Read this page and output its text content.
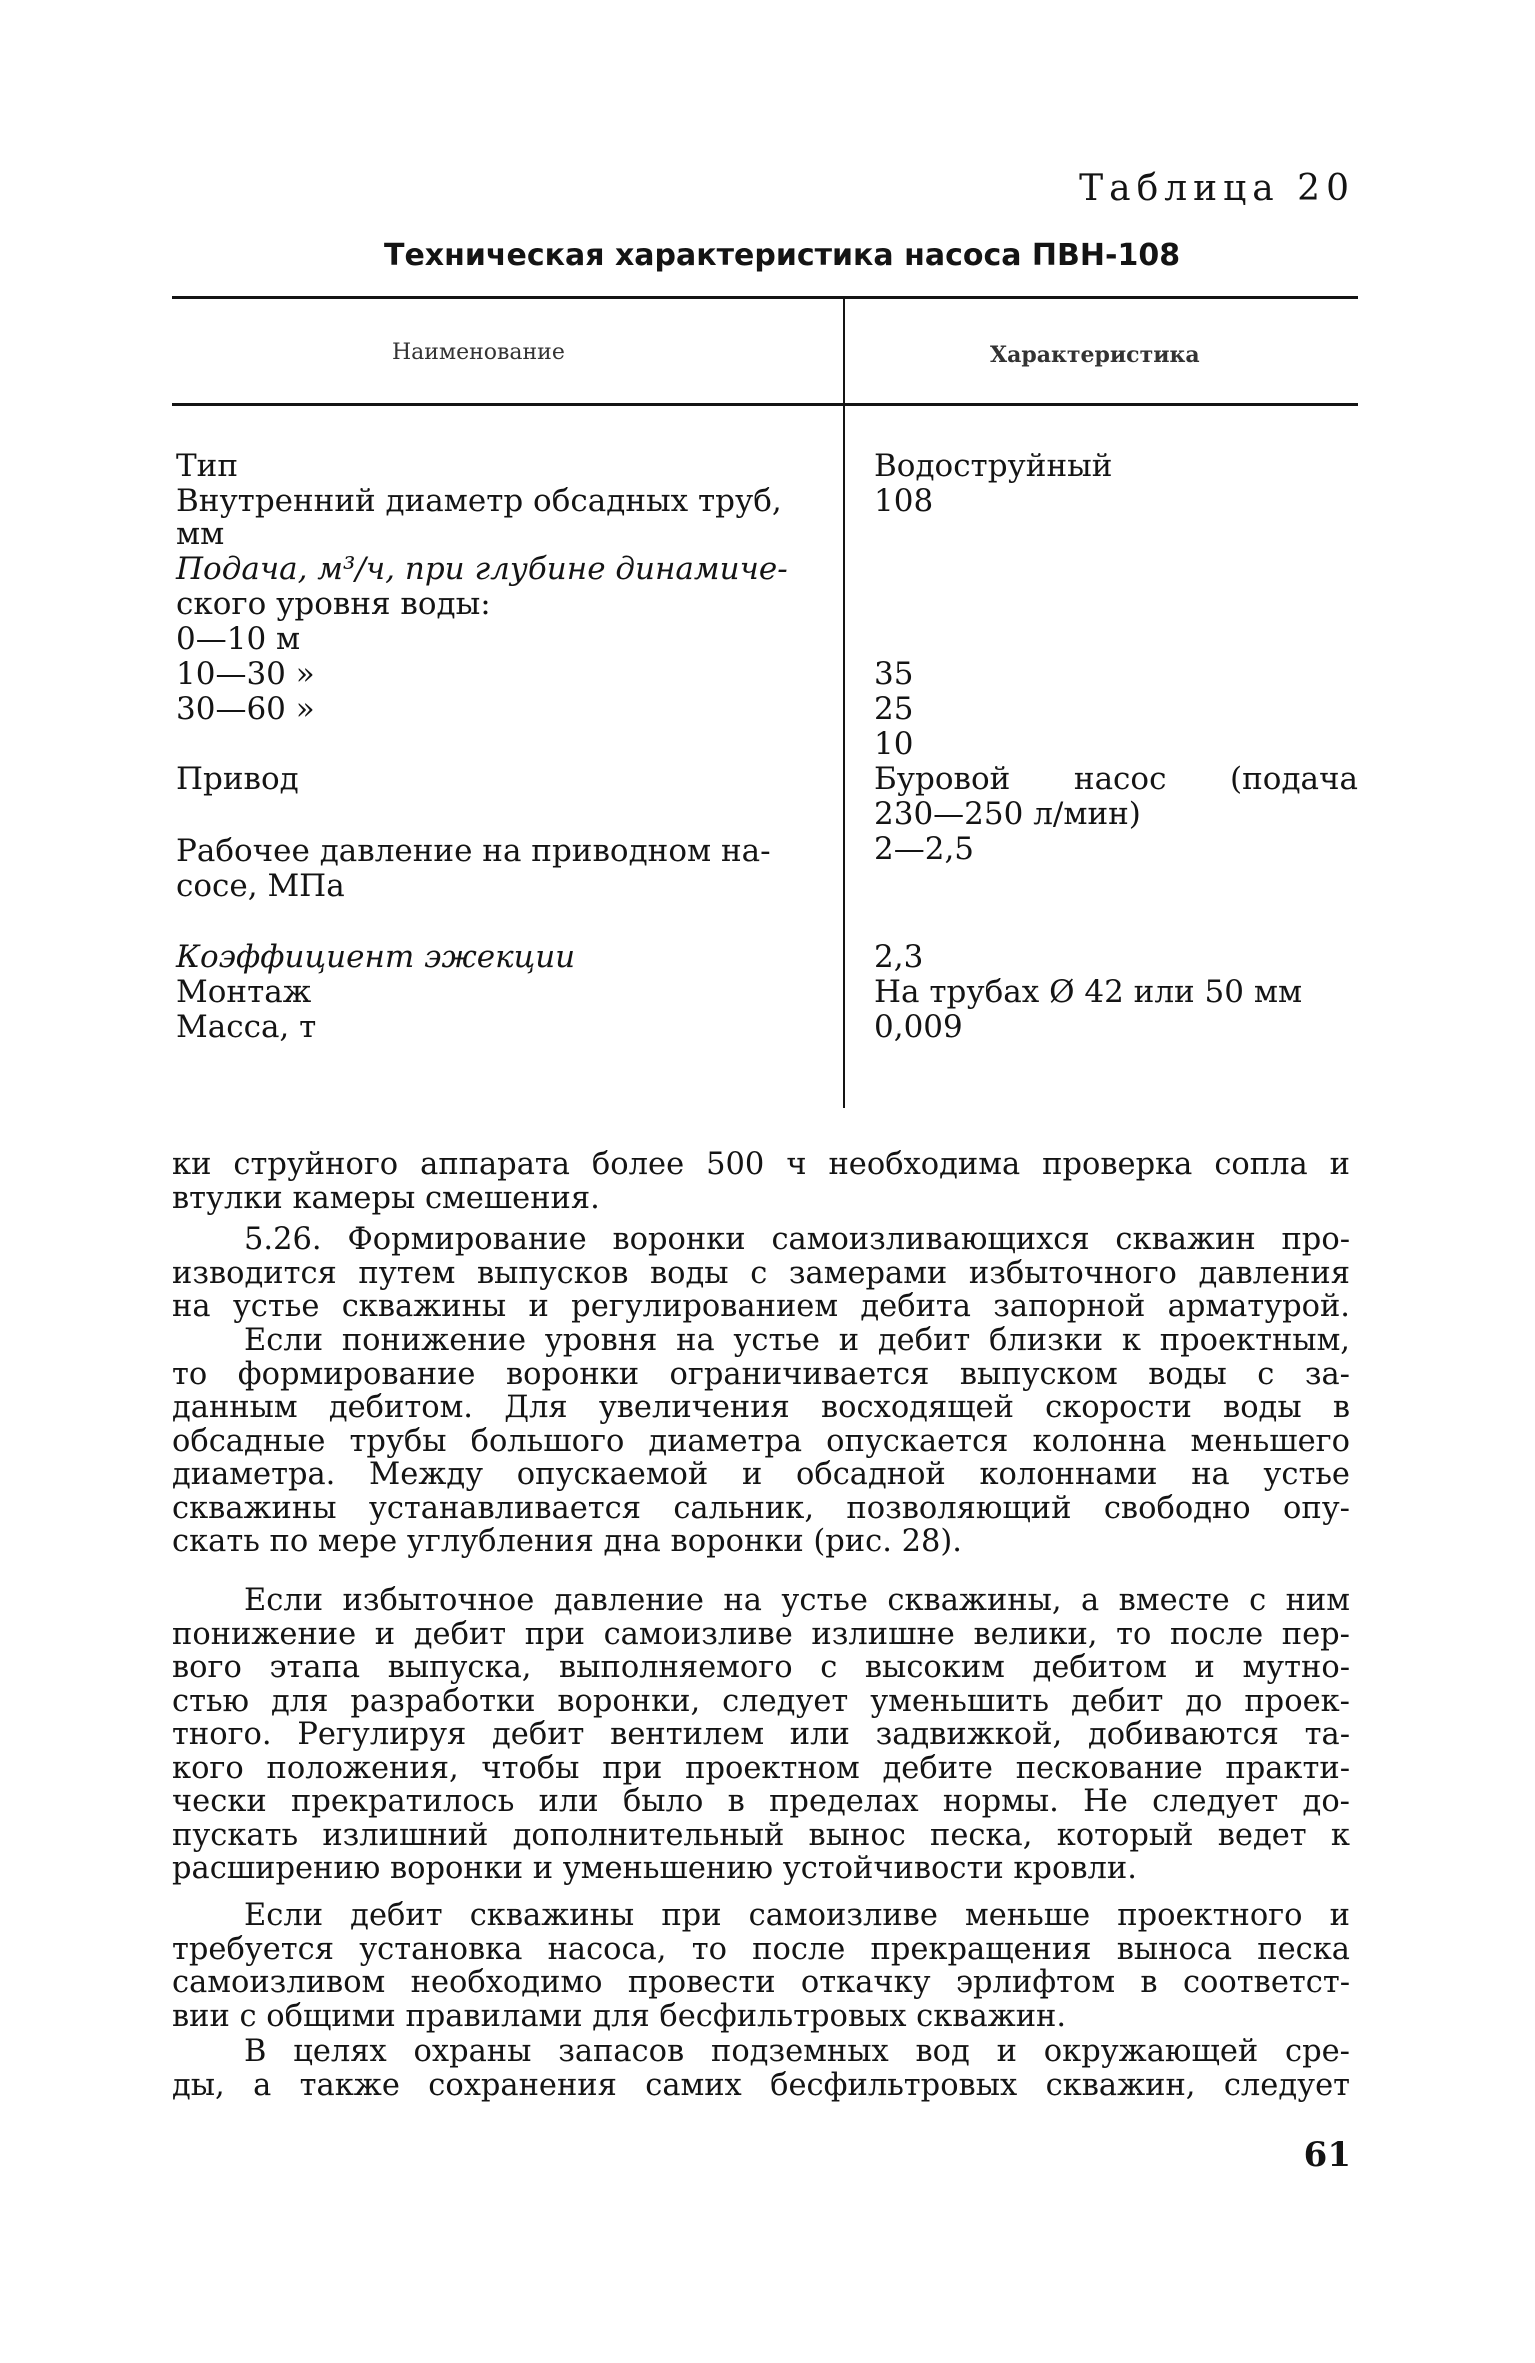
Таблица 20
Техническая характеристика насоса ПВН-108
Наименование	Характеристика
Тип
Внутренний диаметр обсадных труб,
мм
Подача, м³/ч, при глубине динамиче-
ского уровня воды:
0—10 м
10—30 »
30—60 »
Привод
Рабочее давление на приводном на-
сосе, МПа
Коэффициент эжекции
Монтаж
Масса, т
Водоструйный
108
35
25
10
Буровой насос (подача
230—250 л/мин)
2—2,5
2,3
На трубах Ø 42 или 50 мм
0,009
ки струйного аппарата более 500 ч необходима проверка сопла и
втулки камеры смешения.
5.26. Формирование воронки самоизливающихся скважин про-
изводится путем выпусков воды с замерами избыточного давления
на устье скважины и регулированием дебита запорной арматурой.
Если понижение уровня на устье и дебит близки к проектным,
то формирование воронки ограничивается выпуском воды с за-
данным дебитом. Для увеличения восходящей скорости воды в
обсадные трубы большого диаметра опускается колонна меньшего
диаметра. Между опускаемой и обсадной колоннами на устье
скважины устанавливается сальник, позволяющий свободно опу-
скать по мере углубления дна воронки (рис. 28).
Если избыточное давление на устье скважины, а вместе с ним
понижение и дебит при самоизливе излишне велики, то после пер-
вого этапа выпуска, выполняемого с высоким дебитом и мутно-
стью для разработки воронки, следует уменьшить дебит до проек-
тного. Регулируя дебит вентилем или задвижкой, добиваются та-
кого положения, чтобы при проектном дебите пескование практи-
чески прекратилось или было в пределах нормы. Не следует до-
пускать излишний дополнительный вынос песка, который ведет к
расширению воронки и уменьшению устойчивости кровли.
Если дебит скважины при самоизливе меньше проектного и
требуется установка насоса, то после прекращения выноса песка
самоизливом необходимо провести откачку эрлифтом в соответст-
вии с общими правилами для бесфильтровых скважин.
В целях охраны запасов подземных вод и окружающей сре-
ды, а также сохранения самих бесфильтровых скважин, следует
61
